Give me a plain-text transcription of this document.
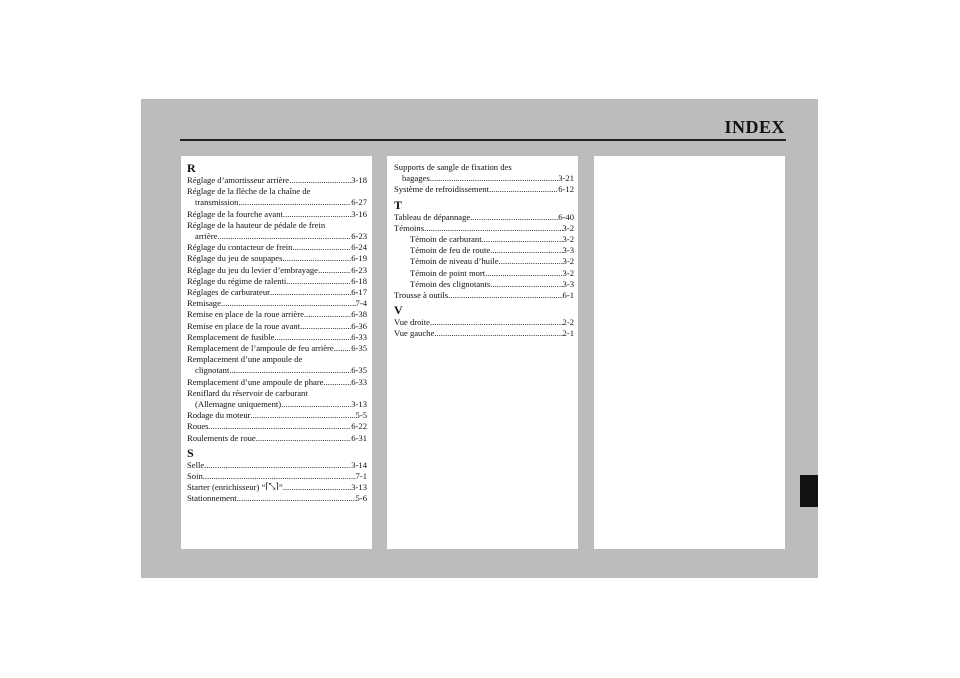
INDEX
R
Réglage d’amortisseur arrière .....	3-18
Réglage de la flèche de la chaîne de
transmission .....	6-27
Réglage de la fourche avant .....	3-16
Réglage de la hauteur de pédale de frein
arrière .....	6-23
Réglage du contacteur de frein .....	6-24
Réglage du jeu de soupapes .....	6-19
Réglage du jeu du levier d’embrayage .....	6-23
Réglage du régime de ralenti .....	6-18
Réglages de carburateur .....	6-17
Remisage .....	7-4
Remise en place de la roue arrière .....	6-38
Remise en place de la roue avant .....	6-36
Remplacement de fusible .....	6-33
Remplacement de l’ampoule de feu arrière ..... 6-35
Remplacement d’une ampoule de
clignotant .....	6-35
Remplacement d’une ampoule de phare .....	6-33
Reniflard du réservoir de carburant
(Allemagne uniquement) .....	3-13
Rodage du moteur .....	5-5
Roues .....	6-22
Roulements de roue .....	6-31
S
Selle .....	3-14
Soin .....	7-1
Starter (enrichisseur) “ ⌈⤡⌉ ” .....	3-13
Stationnement .....	5-6
Supports de sangle de fixation des
bagages .....	3-21
Système de refroidissement .....	6-12
T
Tableau de dépannage .....	6-40
Témoins .....	3-2
Témoin de carburant .....	3-2
Témoin de feu de route .....	3-3
Témoin de niveau d’huile .....	3-2
Témoin de point mort .....	3-2
Témoin des clignotants .....	3-3
Trousse à outils .....	6-1
V
Vue droite .....	2-2
Vue gauche .....	2-1
